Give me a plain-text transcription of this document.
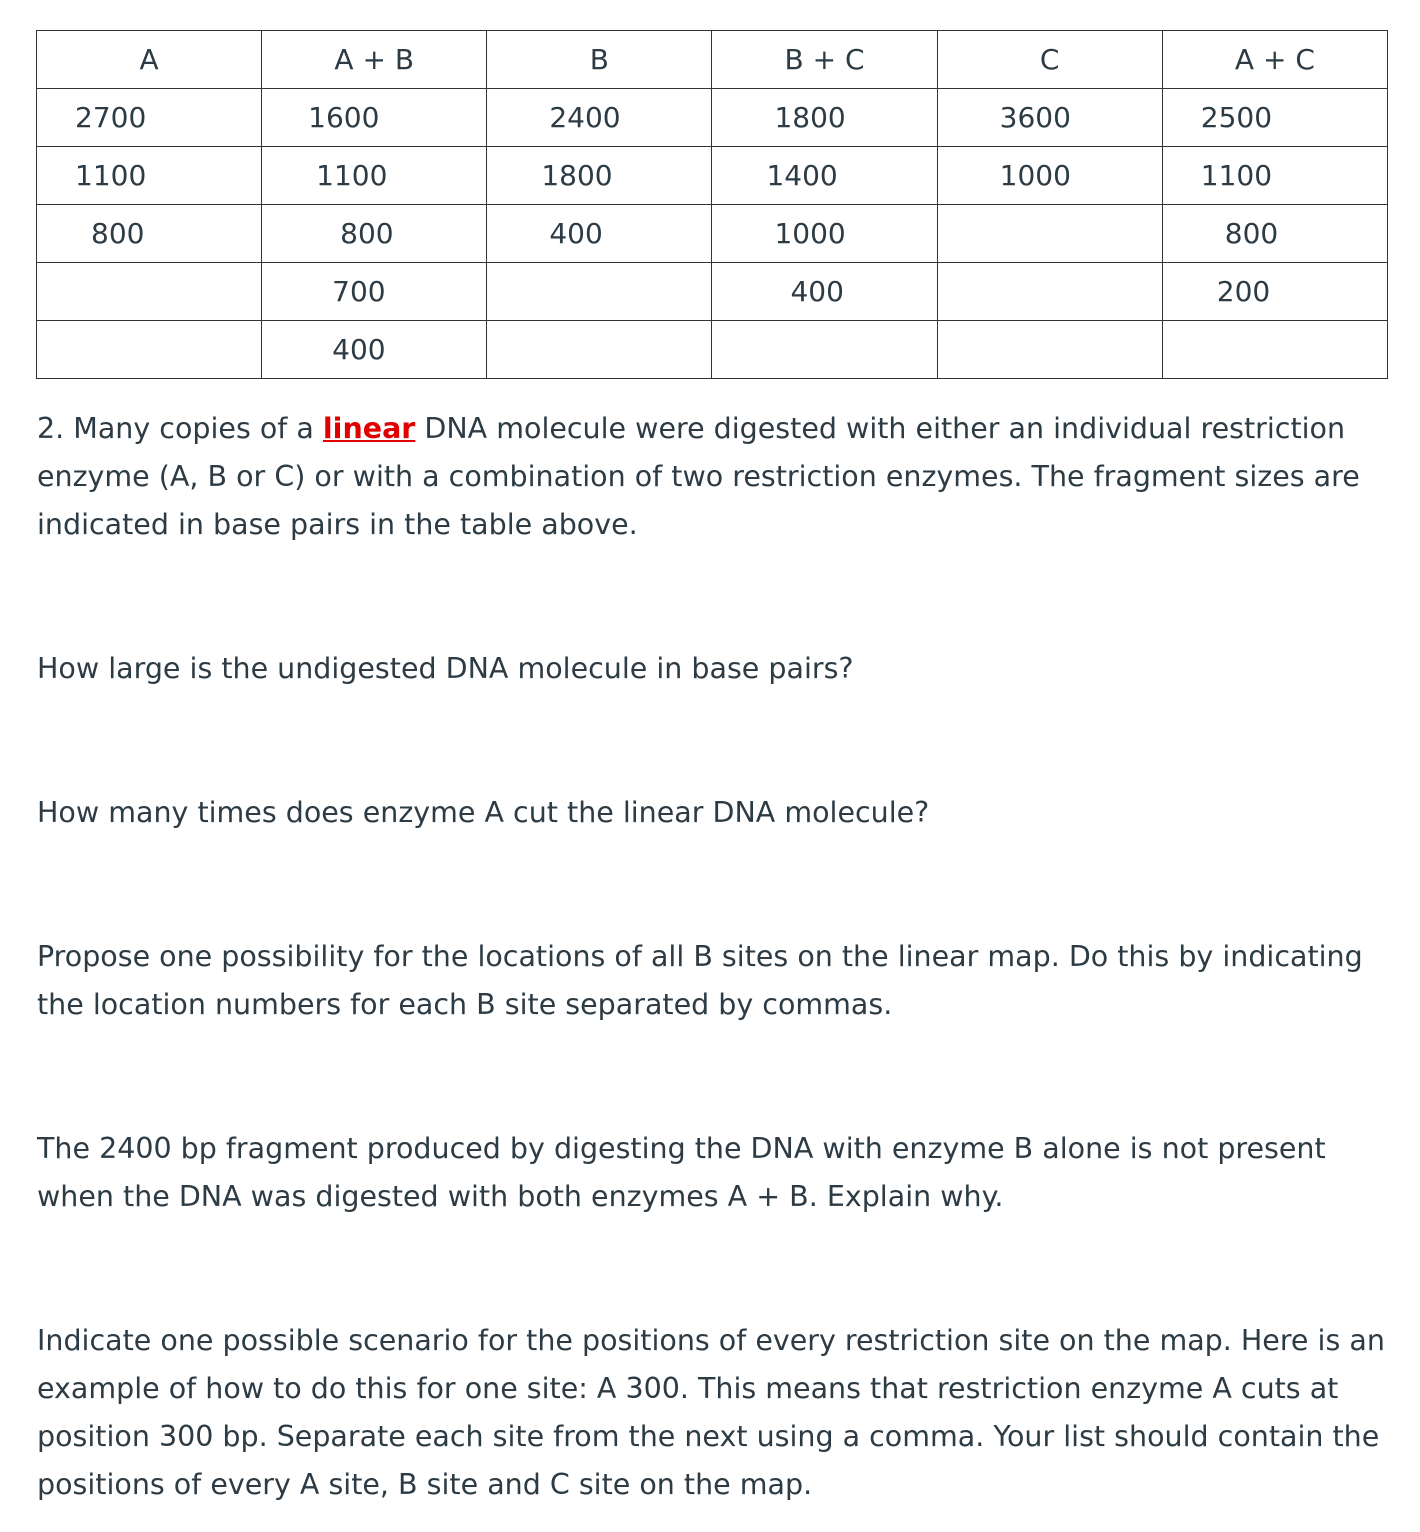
A	A + B	B	B + C	C	A + C
2700	1600	2400	1800	3600	2500
1100	1100	1800	1400	1000	1100
800	800	400	1000		800
	700		400		200
	400				

2. Many copies of a linear DNA molecule were digested with either an individual restriction enzyme (A, B or C) or with a combination of two restriction enzymes. The fragment sizes are indicated in base pairs in the table above.

How large is the undigested DNA molecule in base pairs?

How many times does enzyme A cut the linear DNA molecule?

Propose one possibility for the locations of all B sites on the linear map. Do this by indicating the location numbers for each B site separated by commas.

The 2400 bp fragment produced by digesting the DNA with enzyme B alone is not present when the DNA was digested with both enzymes A + B. Explain why.

Indicate one possible scenario for the positions of every restriction site on the map. Here is an example of how to do this for one site: A 300. This means that restriction enzyme A cuts at position 300 bp. Separate each site from the next using a comma. Your list should contain the positions of every A site, B site and C site on the map.
